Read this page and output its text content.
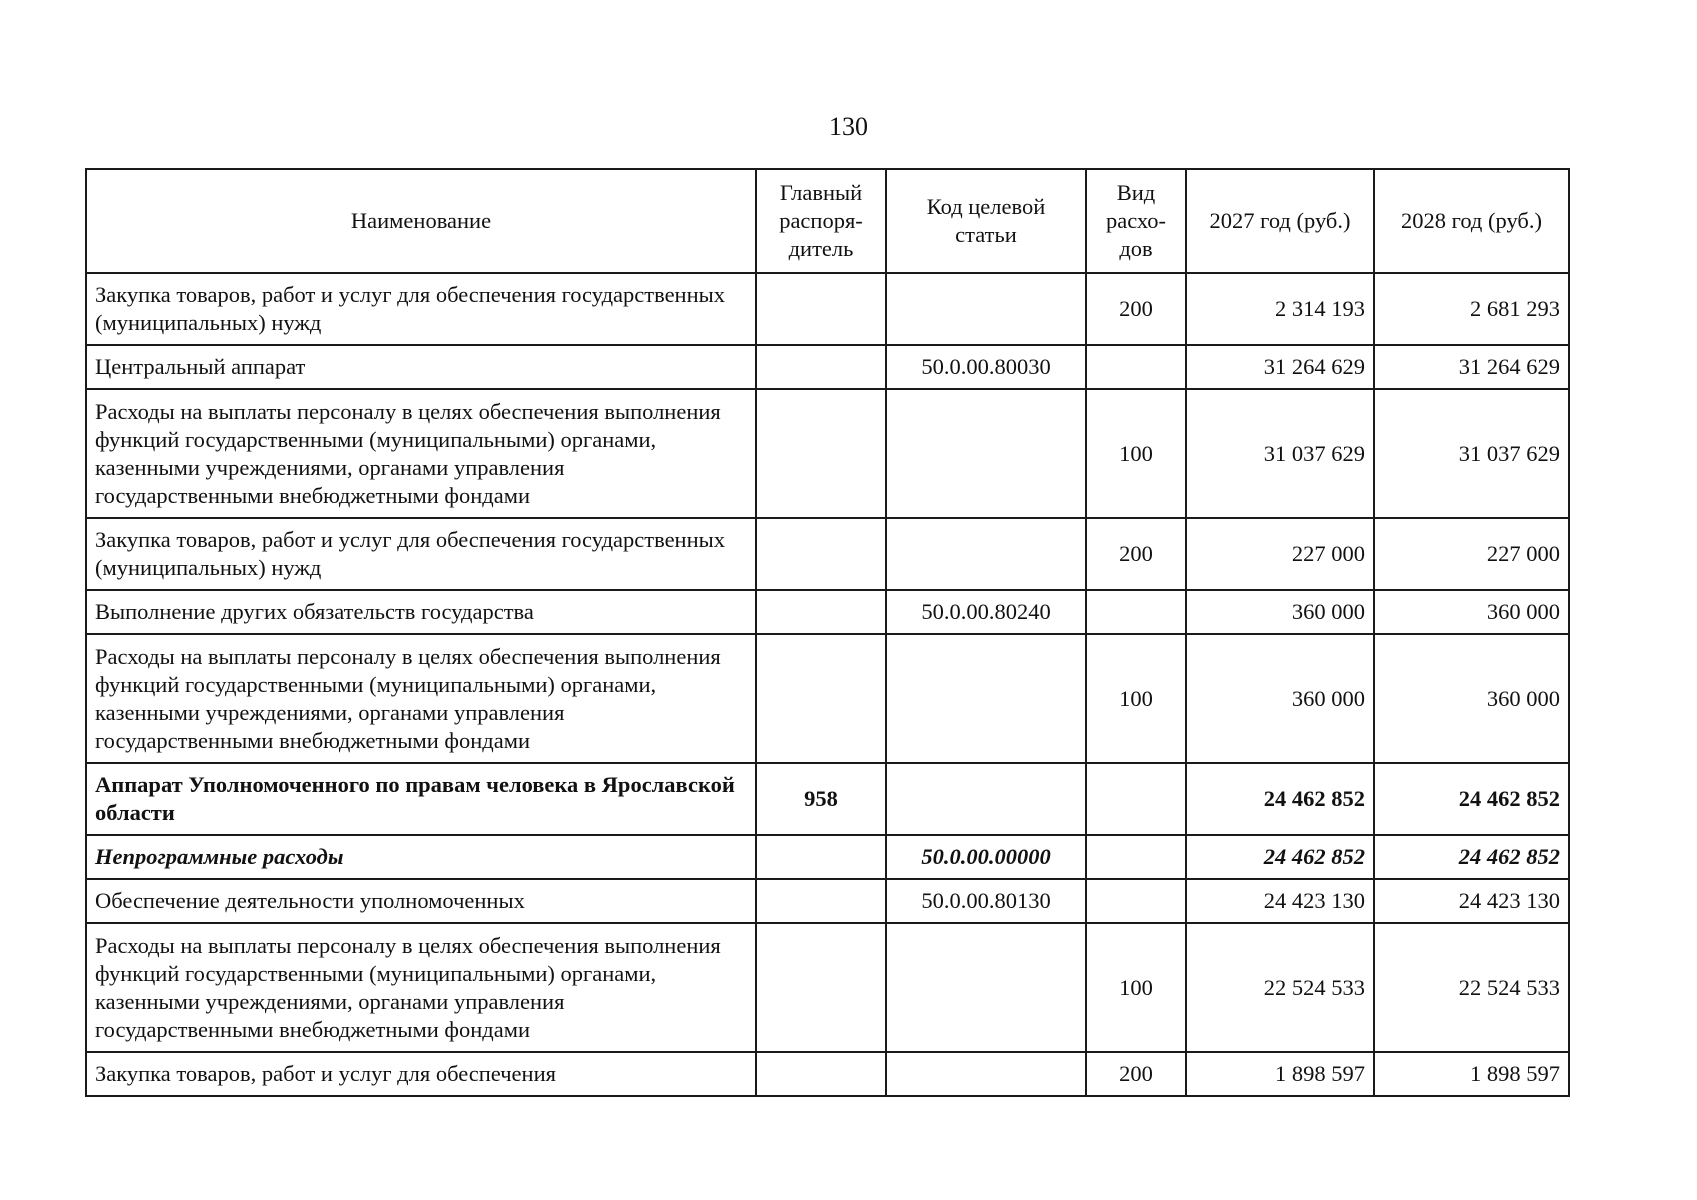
130
Наименование	Главный распоря-дитель	Код целевой статьи	Вид расхо-дов	2027 год (руб.)	2028 год (руб.)
Закупка товаров, работ и услуг для обеспечения государственных (муниципальных) нужд			200	2 314 193	2 681 293
Центральный аппарат		50.0.00.80030		31 264 629	31 264 629
Расходы на выплаты персоналу в целях обеспечения выполнения функций государственными (муниципальными) органами, казенными учреждениями, органами управления государственными внебюджетными фондами			100	31 037 629	31 037 629
Закупка товаров, работ и услуг для обеспечения государственных (муниципальных) нужд			200	227 000	227 000
Выполнение других обязательств государства		50.0.00.80240		360 000	360 000
Расходы на выплаты персоналу в целях обеспечения выполнения функций государственными (муниципальными) органами, казенными учреждениями, органами управления государственными внебюджетными фондами			100	360 000	360 000
Аппарат Уполномоченного по правам человека в Ярославской области	958			24 462 852	24 462 852
Непрограммные расходы		50.0.00.00000		24 462 852	24 462 852
Обеспечение деятельности уполномоченных		50.0.00.80130		24 423 130	24 423 130
Расходы на выплаты персоналу в целях обеспечения выполнения функций государственными (муниципальными) органами, казенными учреждениями, органами управления государственными внебюджетными фондами			100	22 524 533	22 524 533
Закупка товаров, работ и услуг для обеспечения			200	1 898 597	1 898 597
